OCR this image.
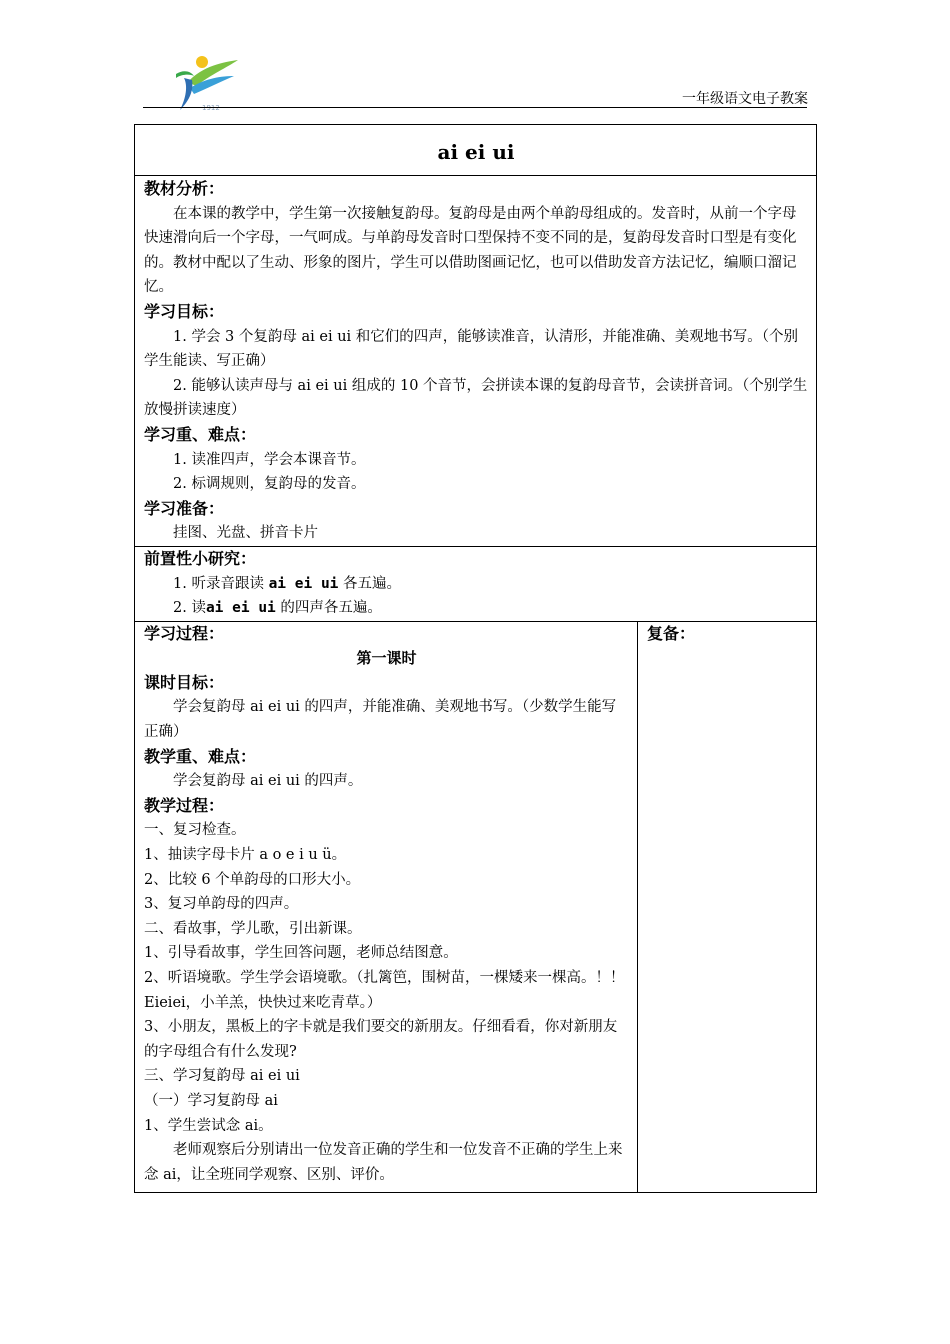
1912
一年级语文电子教案
ai ei ui

教材分析：
在本课的教学中，学生第一次接触复韵母。复韵母是由两个单韵母组成的。发音时，从前一个字母快速滑向后一个字母，一气呵成。与单韵母发音时口型保持不变不同的是，复韵母发音时口型是有变化的。教材中配以了生动、形象的图片，学生可以借助图画记忆，也可以借助发音方法记忆，编顺口溜记忆。
学习目标：
1. 学会 3 个复韵母 ai ei ui 和它们的四声，能够读准音，认清形，并能准确、美观地书写。（个别学生能读、写正确）
2. 能够认读声母与 ai ei ui 组成的 10 个音节，会拼读本课的复韵母音节，会读拼音词。（个别学生放慢拼读速度）
学习重、难点：
1. 读准四声，学会本课音节。
2. 标调规则，复韵母的发音。
学习准备：
挂图、光盘、拼音卡片

前置性小研究：
1. 听录音跟读 ai ei ui 各五遍。
2. 读ai ei ui 的四声各五遍。

学习过程：
第一课时
课时目标：
学会复韵母 ai ei ui 的四声，并能准确、美观地书写。（少数学生能写正确）
教学重、难点：
学会复韵母 ai ei ui 的四声。
教学过程：
一、复习检查。
1、抽读字母卡片 a o e i u ü。
2、比较 6 个单韵母的口形大小。
3、复习单韵母的四声。
二、看故事，学儿歌，引出新课。
1、引导看故事，学生回答问题，老师总结图意。
2、听语境歌。学生学会语境歌。（扎篱笆，围树苗，一棵矮来一棵高。！！ Eieiei，小羊羔，快快过来吃青草。）
3、小朋友，黑板上的字卡就是我们要交的新朋友。仔细看看，你对新朋友的字母组合有什么发现?
三、学习复韵母 ai ei ui
（一）学习复韵母 ai
1、学生尝试念 ai。
老师观察后分别请出一位发音正确的学生和一位发音不正确的学生上来念 ai，让全班同学观察、区别、评价。

复备：
